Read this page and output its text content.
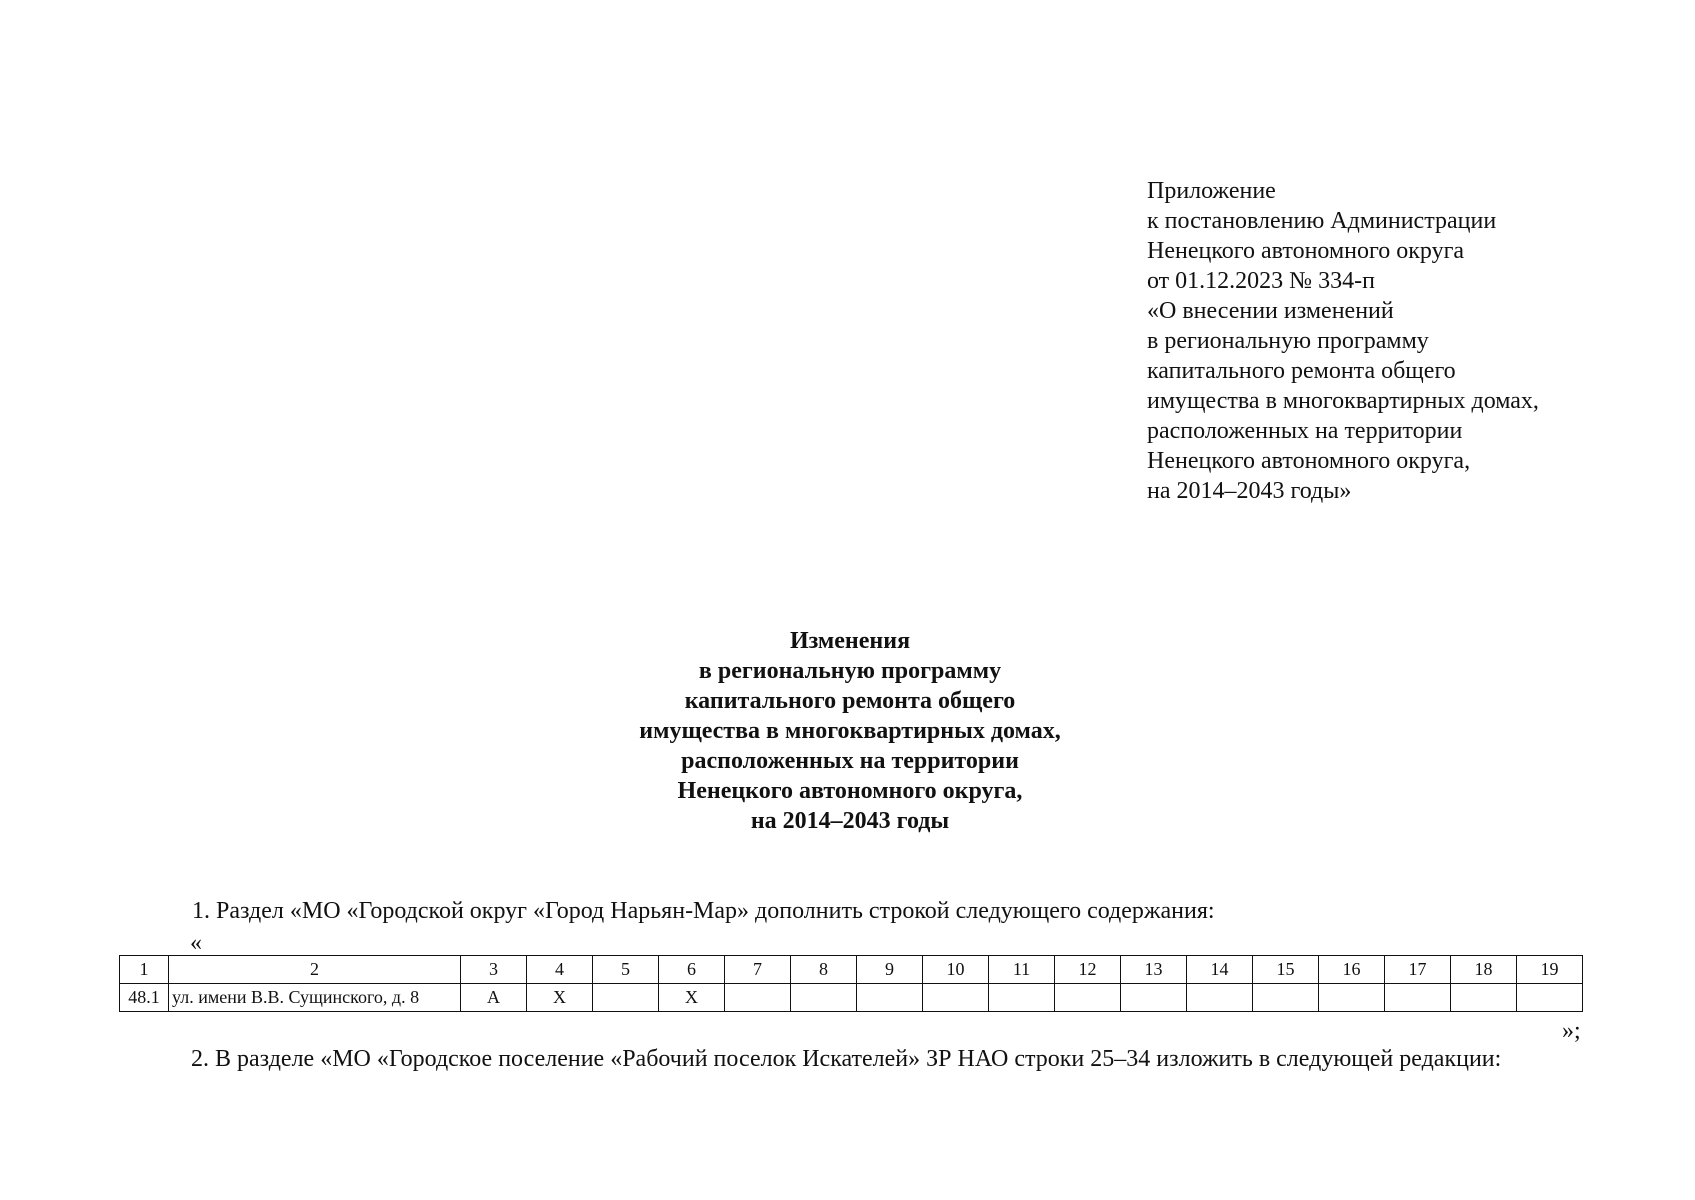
Приложение
к постановлению Администрации
Ненецкого автономного округа
от 01.12.2023 № 334-п
«О внесении изменений
в региональную программу
капитального ремонта общего
имущества в многоквартирных домах,
расположенных на территории
Ненецкого автономного округа,
на 2014–2043 годы»
Изменения
в региональную программу
капитального ремонта общего
имущества в многоквартирных домах,
расположенных на территории
Ненецкого автономного округа,
на 2014–2043 годы
1. Раздел «МО «Городской округ «Город Нарьян-Мар» дополнить строкой следующего содержания:
«
1	2	3	4	5	6	7	8	9	10	11	12	13	14	15	16	17	18	19
48.1	ул. имени В.В. Сущинского, д. 8	А	Х		Х													
»;
2. В разделе «МО «Городское поселение «Рабочий поселок Искателей» ЗР НАО строки 25–34 изложить в следующей редакции:
